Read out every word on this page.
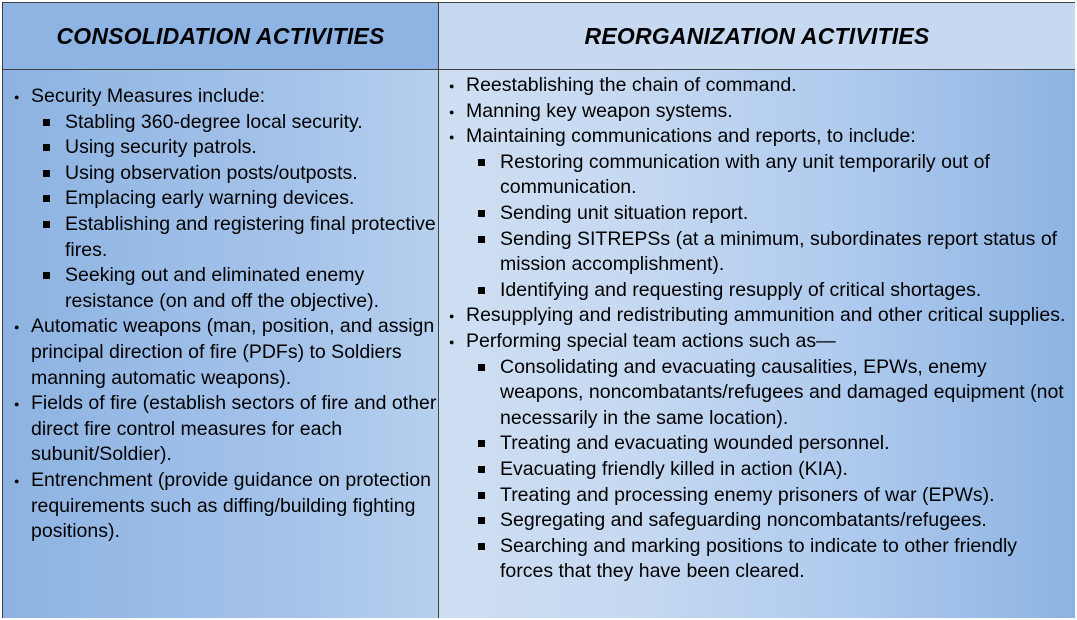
CONSOLIDATION ACTIVITIES	REORGANIZATION ACTIVITIES
● Security Measures include:
Stabling 360-degree local security.
Using security patrols.
Using observation posts/outposts.
Emplacing early warning devices.
Establishing and registering final protective fires.
Seeking out and eliminated enemy resistance (on and off the objective).
● Automatic weapons (man, position, and assign principal direction of fire (PDFs) to Soldiers manning automatic weapons).
● Fields of fire (establish sectors of fire and other direct fire control measures for each subunit/Soldier).
● Entrenchment (provide guidance on protection requirements such as diffing/building fighting positions).
● Reestablishing the chain of command.
● Manning key weapon systems.
● Maintaining communications and reports, to include:
Restoring communication with any unit temporarily out of communication.
Sending unit situation report.
Sending SITREPSs (at a minimum, subordinates report status of mission accomplishment).
Identifying and requesting resupply of critical shortages.
● Resupplying and redistributing ammunition and other critical supplies.
● Performing special team actions such as—
Consolidating and evacuating causalities, EPWs, enemy weapons, noncombatants/refugees and damaged equipment (not necessarily in the same location).
Treating and evacuating wounded personnel.
Evacuating friendly killed in action (KIA).
Treating and processing enemy prisoners of war (EPWs).
Segregating and safeguarding noncombatants/refugees.
Searching and marking positions to indicate to other friendly forces that they have been cleared.
